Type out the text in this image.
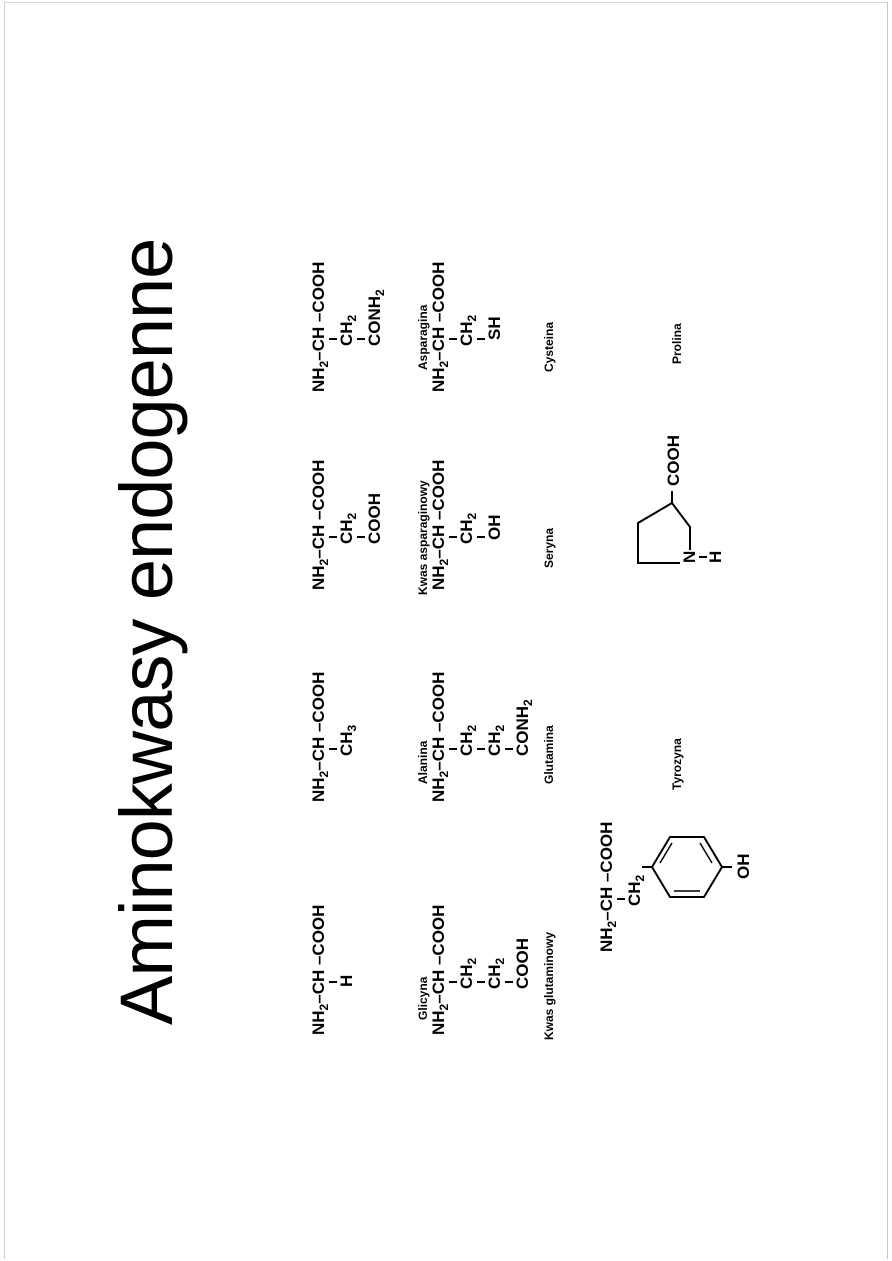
Aminokwasy endogenne	$NH_2-CH$ –COOH H	Glicyna
$NH_2-CH$ –COOH $CH_3$
Alanina
$NH_2-CH$ –COOH $CH_2$ COOH	Kwas asparaginowy
$NH_2-CH$ –COOH $CH_2$ $CONH_2$
Asparagina
$NH_2-CH$ –COOH $CH_2$
$CH_2$ COOH Kwas glutaminowy
$NH_2-CH$ –COOH $CH_2$
$CH_2$ $CONH_2$
Glutamina
$NH_2-CH$ –COOH $CH_2$ OH
Seryna
$NH_2-CH$ –COOH $CH_2$ SH	Cysteina
$NH_2-CH$ –COOH $CH_2$	OH
Tyrozyna
N H
COOH
Prolina
